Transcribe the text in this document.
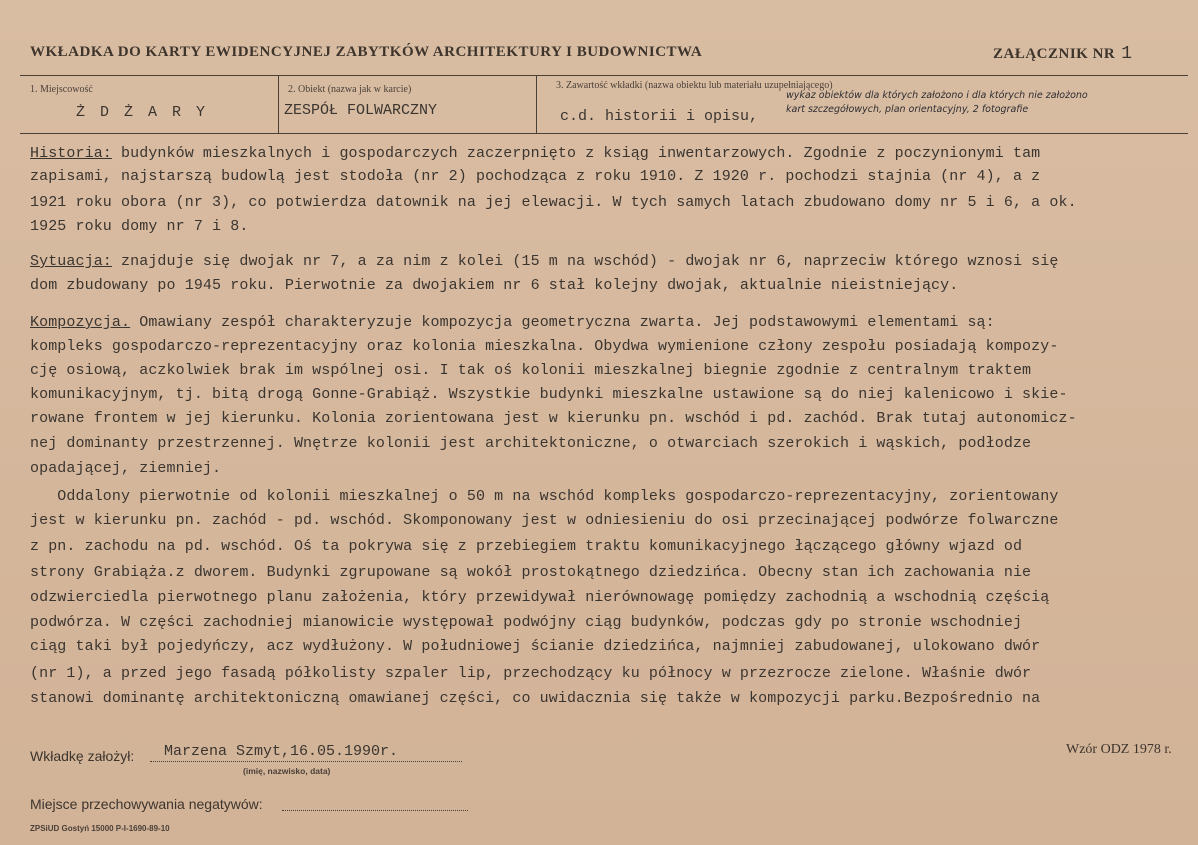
WKŁADKA DO KARTY EWIDENCYJNEJ ZABYTKÓW ARCHITEKTURY I BUDOWNICTWA	ZAŁĄCZNIK NR 1
1. Miejscowość
Ż D Ż A R Y
2. Obiekt (nazwa jak w karcie)
ZESPÓŁ FOLWARCZNY
3. Zawartość wkładki (nazwa obiektu lub materiału uzupełniającego)
c.d. historii i opisu,
wykaz obiektów dla których założono i dla których nie założono
kart szczegółowych, plan orientacyjny, 2 fotografie
Historia: budynków mieszkalnych i gospodarczych zaczerpnięto z ksiąg inwentarzowych. Zgodnie z poczynionymi tam
zapisami, najstarszą budowlą jest stodoła (nr 2) pochodząca z roku 1910. Z 1920 r. pochodzi stajnia (nr 4), a z
1921 roku obora (nr 3), co potwierdza datownik na jej elewacji. W tych samych latach zbudowano domy nr 5 i 6, a ok.
1925 roku domy nr 7 i 8.
Sytuacja: znajduje się dwojak nr 7, a za nim z kolei (15 m na wschód) - dwojak nr 6, naprzeciw którego wznosi się
dom zbudowany po 1945 roku. Pierwotnie za dwojakiem nr 6 stał kolejny dwojak, aktualnie nieistniejący.
Kompozycja. Omawiany zespół charakteryzuje kompozycja geometryczna zwarta. Jej podstawowymi elementami są:
kompleks gospodarczo-reprezentacyjny oraz kolonia mieszkalna. Obydwa wymienione człony zespołu posiadają kompozy-
cję osiową, aczkolwiek brak im wspólnej osi. I tak oś kolonii mieszkalnej biegnie zgodnie z centralnym traktem
komunikacyjnym, tj. bitą drogą Gonne-Grabiąż. Wszystkie budynki mieszkalne ustawione są do niej kalenicowo i skie-
rowane frontem w jej kierunku. Kolonia zorientowana jest w kierunku pn. wschód i pd. zachód. Brak tutaj autonomicz-
nej dominanty przestrzennej. Wnętrze kolonii jest architektoniczne, o otwarciach szerokich i wąskich, podłodze
opadającej, ziemniej.
Oddalony pierwotnie od kolonii mieszkalnej o 50 m na wschód kompleks gospodarczo-reprezentacyjny, zorientowany
jest w kierunku pn. zachód - pd. wschód. Skomponowany jest w odniesieniu do osi przecinającej podwórze folwarczne
z pn. zachodu na pd. wschód. Oś ta pokrywa się z przebiegiem traktu komunikacyjnego łączącego główny wjazd od
strony Grabiąża.z dworem. Budynki zgrupowane są wokół prostokątnego dziedzińca. Obecny stan ich zachowania nie
odzwierciedla pierwotnego planu założenia, który przewidywał nierównowagę pomiędzy zachodnią a wschodnią częścią
podwórza. W części zachodniej mianowicie występował podwójny ciąg budynków, podczas gdy po stronie wschodniej
ciąg taki był pojedyńczy, acz wydłużony. W południowej ścianie dziedzińca, najmniej zabudowanej, ulokowano dwór
(nr 1), a przed jego fasadą półkolisty szpaler lip, przechodzący ku północy w przezrocze zielone. Właśnie dwór
stanowi dominantę architektoniczną omawianej części, co uwidacznia się także w kompozycji parku.Bezpośrednio na
Wkładkę założył: Marzena Szmyt,16.05.1990r.
(imię, nazwisko, data)
Wzór ODZ 1978 r.
Miejsce przechowywania negatywów:
ZPSiUD Gostyń 15000 P-I-1690-89-10
